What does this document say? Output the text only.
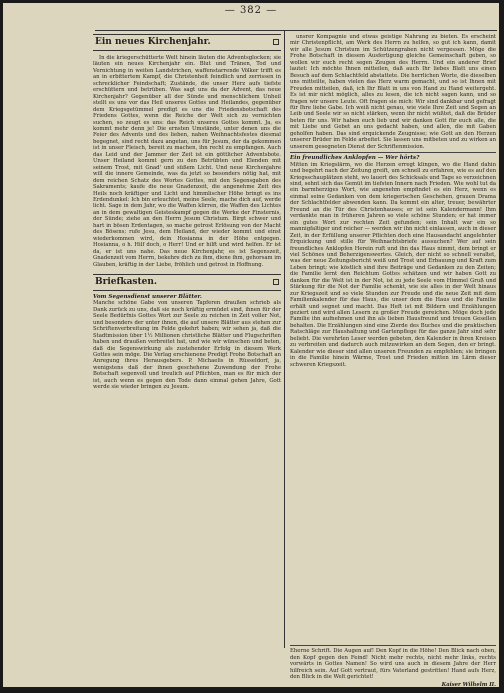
— 382 —
Ein neues Kirchenjahr.

In die kriegerschütterte Welt hinein läuten die Adventsglocken; sie läuten ein neues Kirchenjahr ein. Blut und Tränen, Tod und Vernichtung in weiten Landstrichen, waffenstarrende Völker trifft es an in erbittertem Kampf, die Christenheit feindlich und zerrissen in schrecklicher Feindschaft; Zustände, die unser Herz aufs tiefste erschüttern und betrüben. Was sagt uns da der Advent, das neue Kirchenjahr? Gegenüber all der Sünde und menschlichem Unheil stellt es uns vor das Heil unseres Gottes und Heilandes, gegenüber dem Kriegsgetümmel predigt es uns die Friedensbotschaft des Friedens Gottes, wenn die Reiche der Welt sich zu vernichten suchen, so zeugt es uns: das Reich unseres Gottes kommt. Ja, es kommt mehr denn je! Die ernsten Umstände, unter denen uns die Feier des Advents und des lieben, nahen Weihnachtsfestes diesmal begegnet, sind recht dazu angetan, uns für Jesum, der da gekommen ist in unser Fleisch, bereit zu machen, ihn recht zu empfangen. Auch das Leid und der Jammer der Zeit ist ein göttlicher Adventsbote. Unser Heiland kommt gern zu den Betrübten und Elenden mit seinem Trost, mit Gnad' und süßem Licht. Und neue Kirchenjahre will die innere Gemeinde, was da jetzt so besonders nötig hat, mit dem reichen Schatz des Wortes Gottes, mit den Segensgaben des Sakraments; kaufe die neue Gnadenzeit, die angenehme Zeit des Heils noch kräftiger und Licht und himmlischer Höhe bringt es ins Erdendunkel: Ich bin erleuchtet, meine Seele, mache dich auf, werde licht. Sage in dem Jahr, wo die Waffen klirren, die Waffen des Lichtes an in dem gewaltigen Geisteskampf gegen die Werke der Finsternis, der Sünde; ziehe an den Herrn Jesum Christum. Birgt schwer und hart in bösen Erdentagen, so mache getrost Erlösung von der Macht des Bösens; rufe Jesu, dem Heiland, der wieder kommt und einst wiederkommen wird, dein Hosianna in der Höhe entgegen. Hosianna, o h. Hilf doch, o Herr! Und er hilft und wird helfen. Er ist da, er ist uns nahe. Das neue Kirchenjahr, es ist Segenszeit, Gnadenzeit vom Herrn, bekehre dich zu ihm, diene ihm, gehorsam im Glauben, kräftig in der Liebe, fröhlich und getrost in Hoffnung.

Briefkasten.

Vom Segensdienst unserer Blätter.
Manche schöne Gabe von unseren Tapferen draußen schrieb als Dank zurück zu uns, daß sie noch kräftig ermüdet sind, ihnen für der Seele Bedürfnis Gottes Wort zur Seele zu reichen in Zeit voller Not, und besonders der unter ihnen, die auf unsere Blätter aus stehen zur Schriftenverbreitung im Felde gekehrt haben; wir sehen ja, daß die Stadtmission über 1½ Millionen christliche Blätter und Flugschriften haben und draußen verbreitet hat, und wie wir wünschen und beten, daß die Segenswirkung als zustehender Erfolg in diesem Werk Gottes sein möge. Die Verlag erschienene Predigt Frohe Botschaft an Anregung ihres Herausgebers. P. Michaelis in Rüsseldorf, ja, wenigstens daß der ihnen geschehene Zuwendung der Frohe Botschaft segenvoll und treulich auf Pflichten, man es für mich der ist, auch wenn es gegen den Tode dann einmal gehen Jahre, Gott werde sie wieder bringen zu Jesum.

unsrer Kompagnie und etwas geistige Nahrung zu bieten. Es erscheint mir Christenpflicht, am Werk des Herrn zu helfen, so gut ich kann, damit wir alle Jesum Christum im Schützengraben nicht vergessen. Möge die Frohe Botschaft in diesem Ausfertigung gleiche Gemeinschaft geben, so wollen wir euch recht segen Zeugen des Herrn. Und ein anderer Brief lautet: Ich möchte Ihnen mitteilen, daß auch Ihr liebes Blatt uns einen Besuch auf dem Schlachtfeld abstattete. Die herrlichen Worte, die dieselben uns mitteilte, haben vielen das Herz warm gemacht, und so ist Ihnen mit Freuden mitteilen, daß, ich Ihr Blatt in uns von Hand zu Hand weitergeht. Es ist mir nicht möglich, alles zu lesen, die ich nicht sagen kann, und so fragen wir unsere Leute. Oft fragen sie mich: Wir sind dankbar und gefragt für Ihre liebe Gabe. Ich weiß nicht genau, wie viele Ihre Zeit und Segen an Leib und Seele wir so nicht stärken, wenn ihr nicht wüßtet, daß die Brüder beten für uns. Wir haben euch lieb und wir danken Gott für euch alle, die mit Liebe und Gebet an uns gedacht haben, und allen, die mit Gaben geholfen haben. Das sind erquickende Zeugnisse; wie Gott an den Herzen unserer Brüder im Felde arbeitet. Sie lassen uns mitbeten und zu wirken an unserem gesegneten Dienst der Schriftenmission.

Ein freundliches Anklopfen — Wer hörts?
Mitten im Kriegslärm, wo die Herzen erregt klingen, wo die Hand dahin und begehrt nach der Zeitung greift, um schnell zu erfahren, wie es auf den Kriegsschauplätzen steht, wo lauert des Schicksals und Tage so verzeichnen sind, sehnt sich das Gemüt im tiefsten Innern nach Frieden. Wie wohl tut da ein barmherziges Wort, wie angenehm empfindet es ein Herz, wenn es einmal seine Gedanken von dem kriegerischen Geschehen, grauen Drama der Schlachtfelder abwenden kann. Da kommt ein alter, treuer, bewährter Freund an die Tür des Christenhauses; er ist sein Kalendermann! Ihm verdankte man in früheren Jahren so viele schöne Stunden; er hat immer ein gutes Wort zur rechten Zeit gefunden; sein Inhalt war ein so mannigfaltiger und reicher — werden wir ihn nicht einlassen, auch in dieser Zeit, in der Erfüllung unserer Pflichten doch eine Hausandacht angelehnter Erquickung und stille für Weihnachtsbriefe aussuchen? Wer auf sein freundliches Anklopfen Herein ruft und ihn das Haus nimmt, dem bringt er viel Schönes und Beherzigenswertes. Gleich, der nicht so schnell veraltet, was der neue Zeitungsbericht weiß und Trost und Erbauung und Kraft zum Leben bringt; wie köstlich sind ihre Beiträge und Gedanken zu den Zeiten; die Familie lernt den Reichtum Gottes schätzen und wir haben Gott zu danken für die Welt ist in der Not, ist zu jede Seele vom Himmel Gruß und Stärkung für die Not der Familie schenkt, wie sie alles in der Welt hinaus zur Kriegszeit und so viele Stunden zur Freude und die neue Zeit mit dem Familienkalender für das Haus, die unser dem die Haus und die Familie erhält und segnet und macht. Das Heft ist mit Bildern und Erzählungen geziert und wird allen Lesern zu großer Freude gereichen. Möge doch jede Familie ihn aufnehmen und ihn als lieben Hausfreund und treuen Gesellen behalten. Die Erzählungen sind eine Zierde des Buches und die praktischen Ratschläge zur Haushaltung und Gartenpflege für das ganze Jahr sind sehr beliebt. Die verehrten Leser werden gebeten, den Kalender in ihren Kreisen zu verbreiten und dadurch auch mitzuwirken an dem Segen, den er bringt. Kalender wie dieser sind allen unseren Freunden zu empfehlen; sie bringen in die Familie hinein Wärme, Trost und Frieden mitten im Lärm dieser schweren Kriegszeit.

Eherne Schrift. Die Augen auf! Den Kopf in die Höhe! Den Blick nach oben, den Kopf gegen den Feind! Nicht mehr rechts, nicht mehr links, rechts vorwärts in Gottes Namen! So wird uns auch in diesem Jahre der Herr hilfreich sein. Auf Gott vertraut, fürs Vaterland gestritten! Hand aufs Herz, den Blick in die Welt gerichtet!
Kaiser Wilhelm II.
